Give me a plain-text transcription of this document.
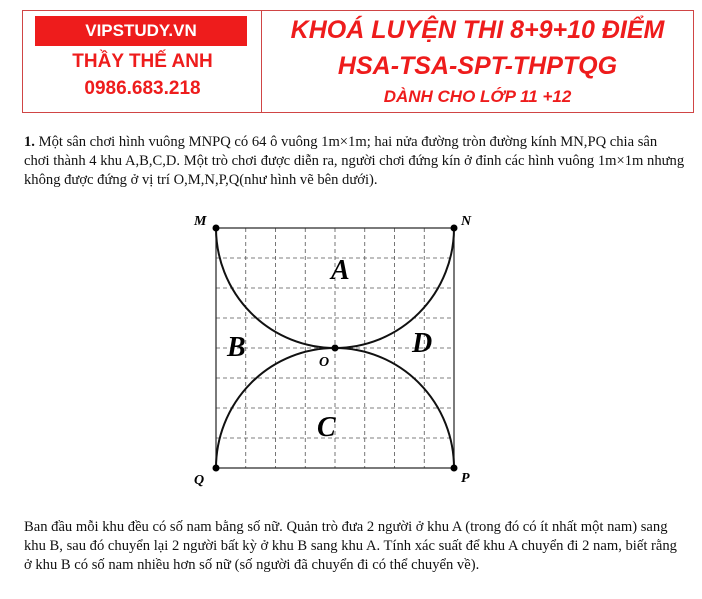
VIPSTUDY.VN
THẦY THẾ ANH
0986.683.218
KHOÁ LUYỆN THI 8+9+10 ĐIỂM
HSA-TSA-SPT-THPTQG
DÀNH CHO LỚP 11 +12
1. Một sân chơi hình vuông MNPQ có 64 ô vuông 1m×1m; hai nửa đường tròn đường kính MN,PQ chia sân chơi thành 4 khu A,B,C,D. Một trò chơi được diễn ra, người chơi đứng kín ở đỉnh các hình vuông 1m×1m nhưng không được đứng ở vị trí O,M,N,P,Q(như hình vẽ bên dưới).
M	N
P
Q
O
A
B
C
D
Ban đầu mỗi khu đều có số nam bằng số nữ. Quản trò đưa 2 người ở khu A (trong đó có ít nhất một nam) sang khu B, sau đó chuyển lại 2 người bất kỳ ở khu B sang khu A. Tính xác suất để khu A chuyển đi 2 nam, biết rằng ở khu B có số nam nhiều hơn số nữ (số người đã chuyển đi có thể chuyển về).
